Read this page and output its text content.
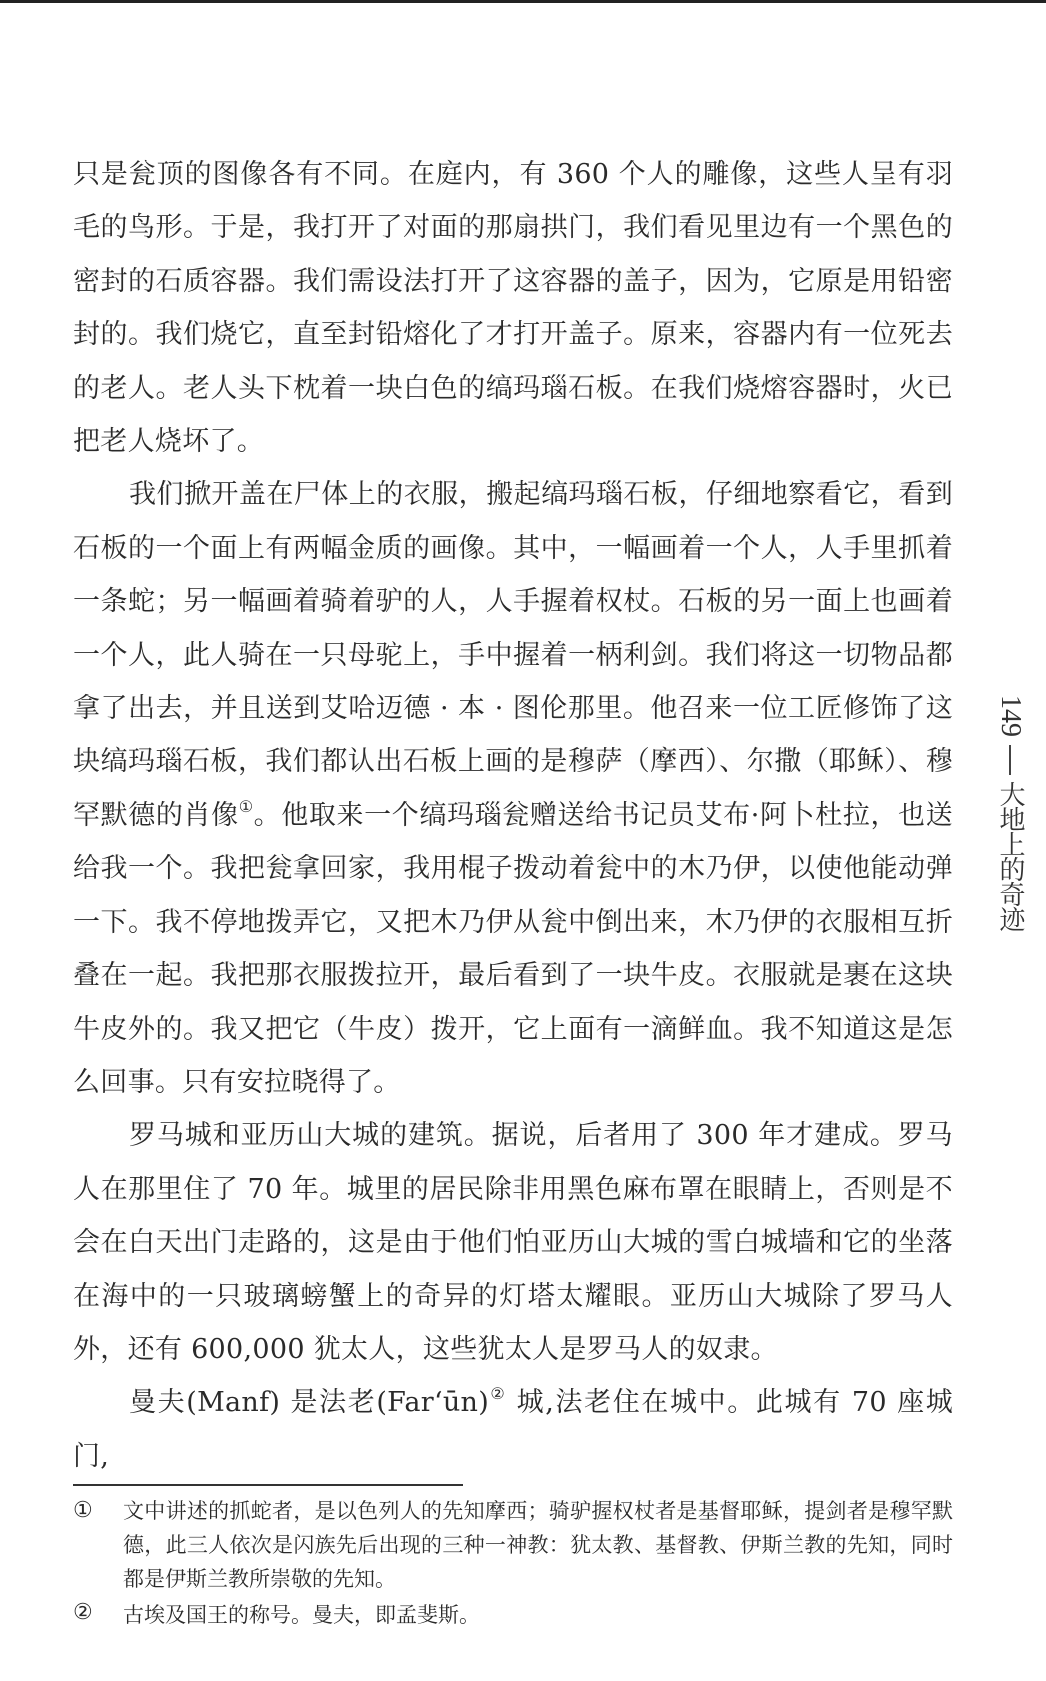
只是瓮顶的图像各有不同。在庭内，有 360 个人的雕像，这些人呈有羽毛的鸟形。于是，我打开了对面的那扇拱门，我们看见里边有一个黑色的密封的石质容器。我们需设法打开了这容器的盖子，因为，它原是用铅密封的。我们烧它，直至封铅熔化了才打开盖子。原来，容器内有一位死去的老人。老人头下枕着一块白色的缟玛瑙石板。在我们烧熔容器时，火已把老人烧坏了。

我们掀开盖在尸体上的衣服，搬起缟玛瑙石板，仔细地察看它，看到石板的一个面上有两幅金质的画像。其中，一幅画着一个人，人手里抓着一条蛇；另一幅画着骑着驴的人，人手握着权杖。石板的另一面上也画着一个人，此人骑在一只母驼上，手中握着一柄利剑。我们将这一切物品都拿了出去，并且送到艾哈迈德 · 本 · 图伦那里。他召来一位工匠修饰了这块缟玛瑙石板，我们都认出石板上画的是穆萨（摩西）、尔撒（耶稣）、穆罕默德的肖像①。他取来一个缟玛瑙瓮赠送给书记员艾布·阿卜杜拉，也送给我一个。我把瓮拿回家，我用棍子拨动着瓮中的木乃伊，以使他能动弹一下。我不停地拨弄它，又把木乃伊从瓮中倒出来，木乃伊的衣服相互折叠在一起。我把那衣服拨拉开，最后看到了一块牛皮。衣服就是裹在这块牛皮外的。我又把它（牛皮）拨开，它上面有一滴鲜血。我不知道这是怎么回事。只有安拉晓得了。

罗马城和亚历山大城的建筑。据说，后者用了 300 年才建成。罗马人在那里住了 70 年。城里的居民除非用黑色麻布罩在眼睛上，否则是不会在白天出门走路的，这是由于他们怕亚历山大城的雪白城墙和它的坐落在海中的一只玻璃螃蟹上的奇异的灯塔太耀眼。亚历山大城除了罗马人外，还有 600,000 犹太人，这些犹太人是罗马人的奴隶。

曼夫(Manf) 是法老(Far‘ūn)② 城,法老住在城中。此城有 70 座城门,

149
大地上的奇迹
①	文中讲述的抓蛇者，是以色列人的先知摩西；骑驴握权杖者是基督耶稣，提剑者是穆罕默德，此三人依次是闪族先后出现的三种一神教：犹太教、基督教、伊斯兰教的先知，同时都是伊斯兰教所崇敬的先知。
②	古埃及国王的称号。曼夫，即孟斐斯。
